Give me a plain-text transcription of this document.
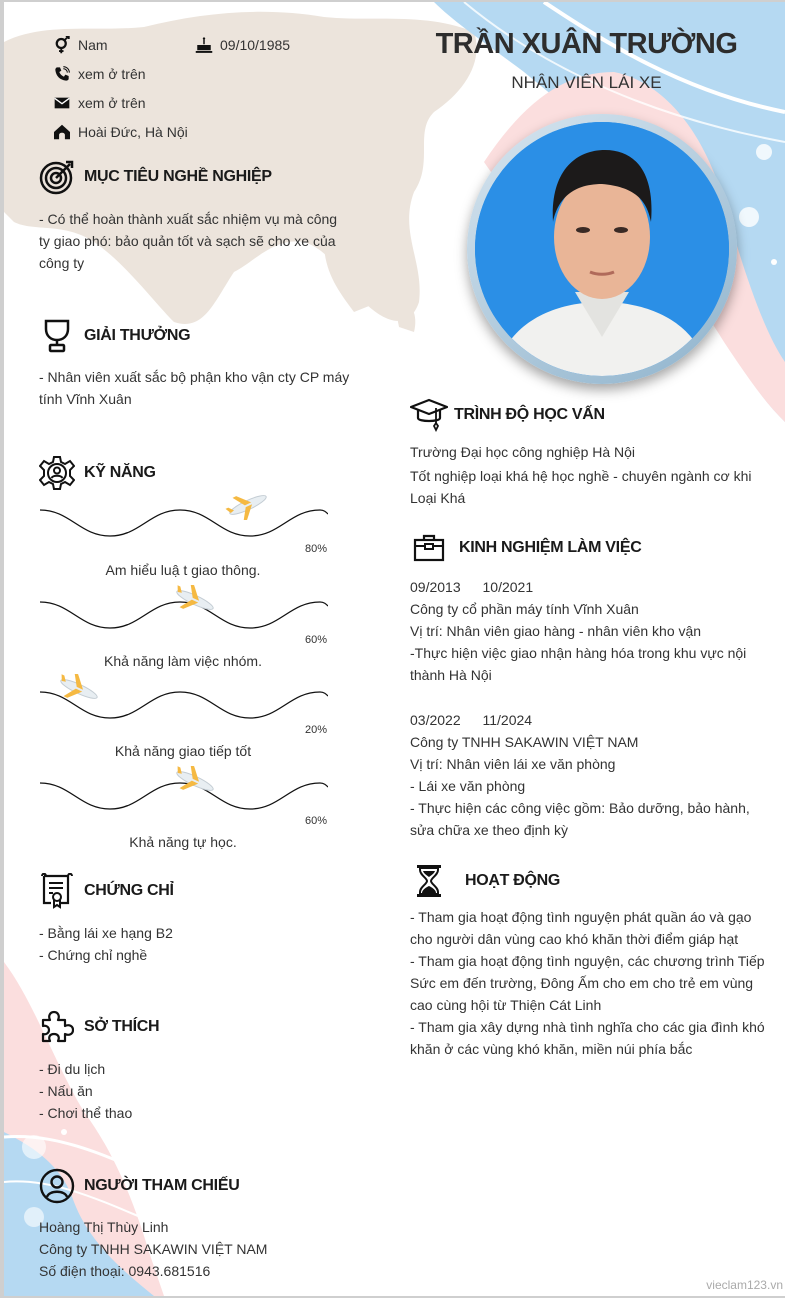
Nam	09/10/1985
xem ở trên
xem ở trên
Hoài Đức, Hà Nội
MỤC TIÊU NGHỀ NGHIỆP
- Có thể hoàn thành xuất sắc nhiệm vụ mà công
ty giao phó: bảo quản tốt và sạch sẽ cho xe của
công ty
GIẢI THƯỞNG
- Nhân viên xuất sắc bộ phận kho vận cty CP máy
tính Vĩnh Xuân
KỸ NĂNG
80%
Am hiểu luậ t giao thông.
60%
Khả năng làm việc nhóm.
20%
Khả năng giao tiếp tốt
60%
Khả năng tự học.
CHỨNG CHỈ
- Bằng lái xe hạng B2
- Chứng chỉ nghề
SỞ THÍCH
- Đi du lịch
- Nấu ăn
- Chơi thể thao
NGƯỜI THAM CHIẾU
Hoàng Thị Thùy Linh
Công ty TNHH SAKAWIN VIỆT NAM
Số điện thoại: 0943.681516
TRẦN XUÂN TRƯỜNG
NHÂN VIÊN LÁI XE
TRÌNH ĐỘ HỌC VẤN
Trường Đại học công nghiệp Hà Nội
Tốt nghiệp loại khá hệ học nghề - chuyên ngành cơ khi
Loại Khá
KINH NGHIỆM LÀM VIỆC
09/2013 10/2021
Công ty cổ phần máy tính Vĩnh Xuân
Vị trí: Nhân viên giao hàng - nhân viên kho vận
-Thực hiện việc giao nhận hàng hóa trong khu vực nội
thành Hà Nội
03/2022 11/2024
Công ty TNHH SAKAWIN VIỆT NAM
Vị trí: Nhân viên lái xe văn phòng
- Lái xe văn phòng
- Thực hiện các công việc gồm: Bảo dưỡng, bảo hành,
sửa chữa xe theo định kỳ
HOẠT ĐỘNG
- Tham gia hoạt động tình nguyện phát quần áo và gạo
cho người dân vùng cao khó khăn thời điểm giáp hạt
- Tham gia hoạt động tình nguyện, các chương trình Tiếp
Sức em đến trường, Đông Ấm cho em cho trẻ em vùng
cao cùng hội từ Thiện Cát Linh
- Tham gia xây dựng nhà tình nghĩa cho các gia đình khó
khăn ở các vùng khó khăn, miền núi phía bắc
vieclam123.vn
